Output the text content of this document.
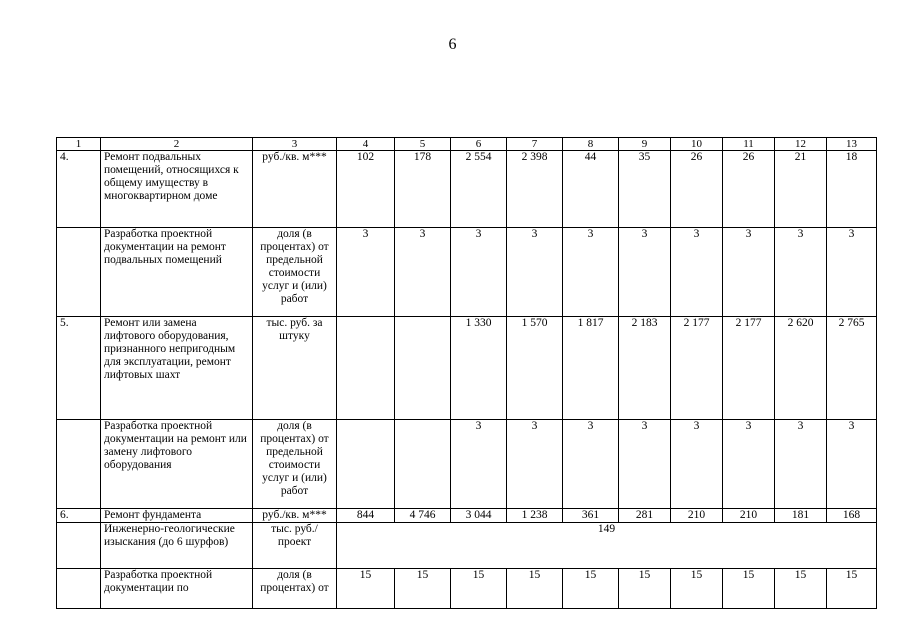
6
1	2	3	4	5	6	7	8	9	10	11	12	13
4.	Ремонт подвальных помещений, относящихся к общему имуществу в многоквартирном доме	руб./кв. м***	102	178	2 554	2 398	44	35	26	26	21	18
	Разработка проектной документации на ремонт подвальных помещений	доля (в процентах) от предельной стоимости услуг и (или) работ	3	3	3	3	3	3	3	3	3	3
5.	Ремонт или замена лифтового оборудования, признанного непригодным для эксплуатации, ремонт лифтовых шахт	тыс. руб. за штуку			1 330	1 570	1 817	2 183	2 177	2 177	2 620	2 765
	Разработка проектной документации на ремонт или замену лифтового оборудования	доля (в процентах) от предельной стоимости услуг и (или) работ			3	3	3	3	3	3	3	3
6.	Ремонт фундамента	руб./кв. м***	844	4 746	3 044	1 238	361	281	210	210	181	168
	Инженерно-геологические изыскания (до 6 шурфов)	тыс. руб./ проект	149									
	Разработка проектной документации по	доля (в процентах) от	15	15	15	15	15	15	15	15	15	15
